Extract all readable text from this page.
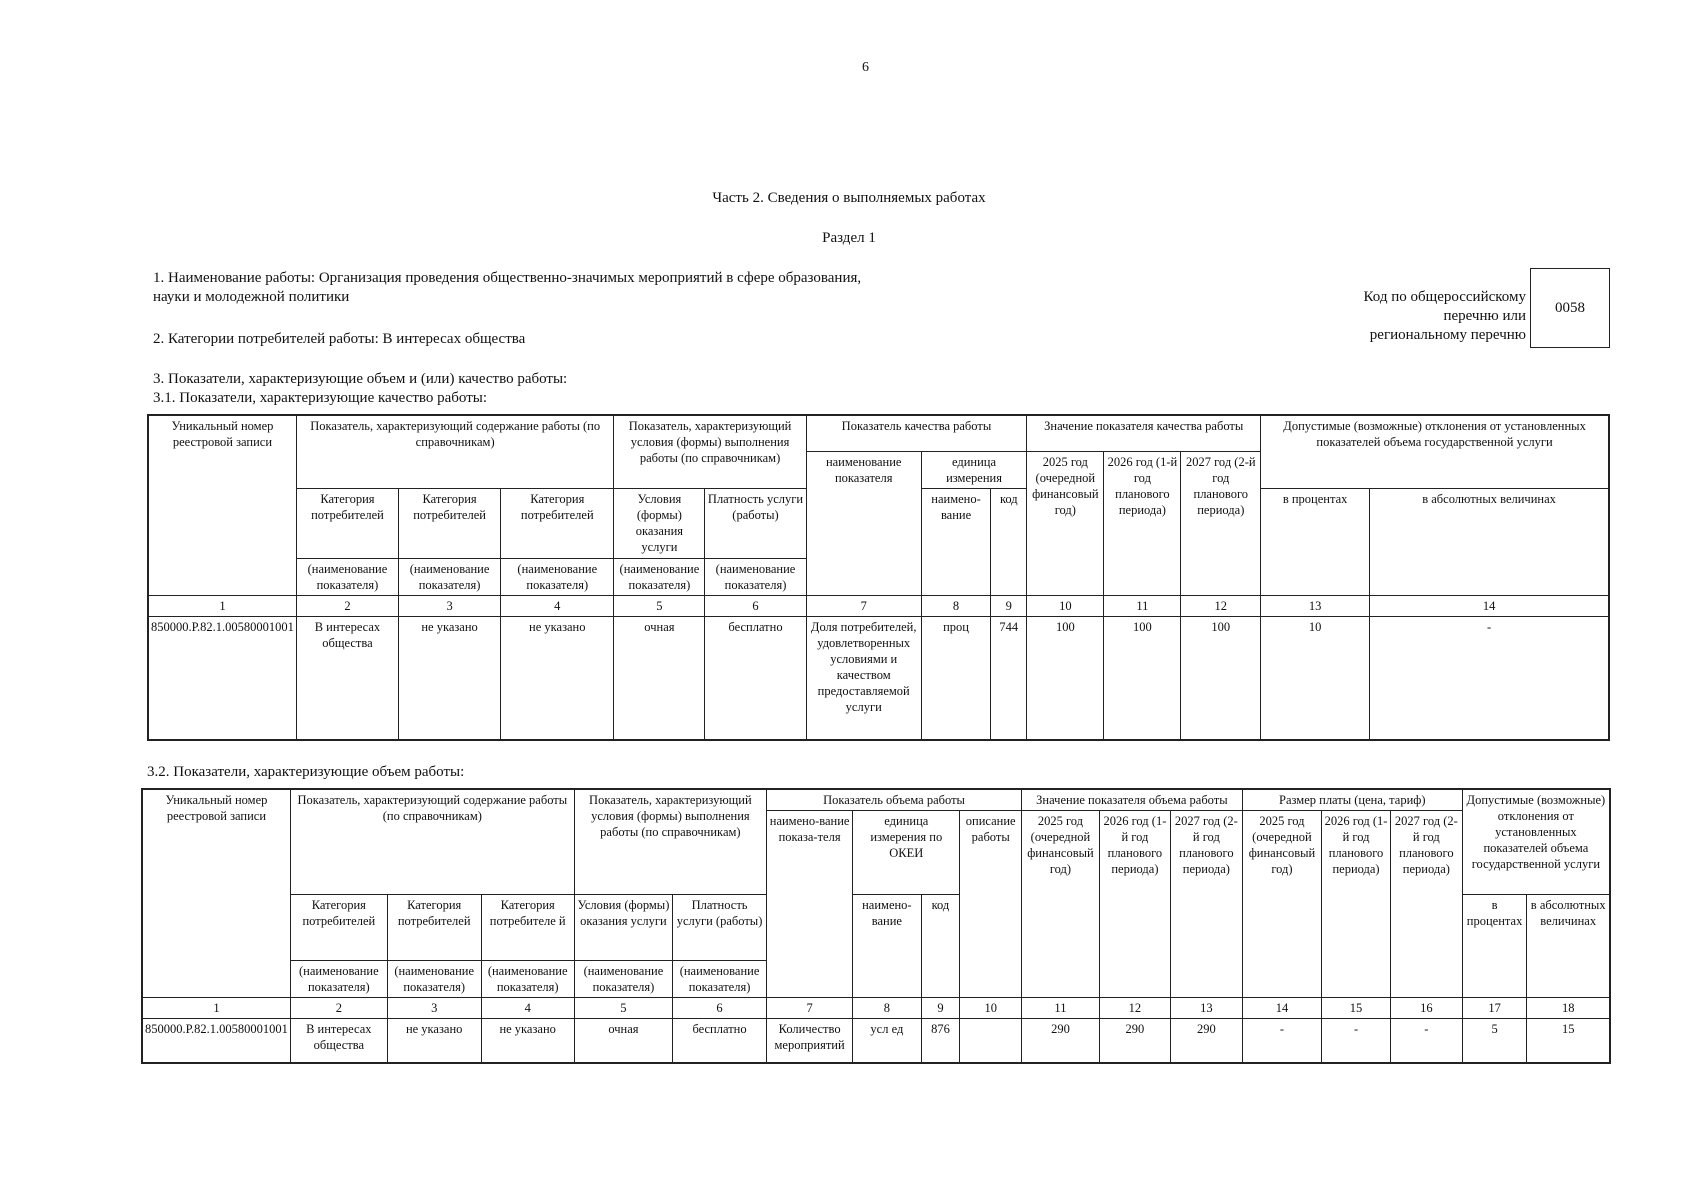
6
Часть 2. Сведения о выполняемых работах
Раздел 1
1. Наименование работы: Организация проведения общественно-значимых мероприятий в сфере образования,
науки и молодежной политики
2. Категории потребителей работы: В интересах общества
3. Показатели, характеризующие объем и (или) качество работы:
3.1. Показатели, характеризующие качество работы:
Код по общероссийскому
перечню или
региональному перечню
0058
Уникальный номер реестровой записи	Показатель, характеризующий содержание работы (по справочникам)			Показатель, характеризующий условия (формы) выполнения работы (по справочникам)		Показатель качества работы			Значение показателя качества работы			Допустимые (возможные) отклонения от установленных показателей объема государственной услуги	
						наименование показателя	единица измерения		2025 год (очередной финансовый год)	2026 год (1-й год планового периода)	2027 год (2-й год планового периода)		
	Категория потребителей	Категория потребителей	Категория потребителей	Условия (формы) оказания услуги	Платность услуги (работы)		наимено-вание	код				в процентах	в абсолютных величинах
	(наименование показателя)	(наименование показателя)	(наименование показателя)	(наименование показателя)	(наименование показателя)								
1	2	3	4	5	6	7	8	9	10	11	12	13	14
850000.Р.82.1.00580001001	В интересах общества	не указано	не указано	очная	бесплатно	Доля потребителей, удовлетворенных условиями и качеством предоставляемой услуги	проц	744	100	100	100	10	-
3.2. Показатели, характеризующие объем работы:
Уникальный номер реестровой записи	Показатель, характеризующий содержание работы (по справочникам)			Показатель, характеризующий условия (формы) выполнения работы (по справочникам)		Показатель объема работы				Значение показателя объема работы			Размер платы (цена, тариф)			Допустимые (возможные) отклонения от установленных показателей объема государственной услуги	
						наимено-вание показа-теля	единица измерения по ОКЕИ		описание работы	2025 год (очередной финансовый год)	2026 год (1-й год планового периода)	2027 год (2-й год планового периода)	2025 год (очередной финансовый год)	2026 год (1-й год планового периода)	2027 год (2-й год планового периода)		
	Категория потребителей	Категория потребителей	Категория потребителе й	Условия (формы) оказания услуги	Платность услуги (работы)		наимено-вание	код								в процентах	в абсолютных величинах
	(наименование показателя)	(наименование показателя)	(наименование показателя)	(наименование показателя)	(наименование показателя)												
1	2	3	4	5	6	7	8	9	10	11	12	13	14	15	16	17	18
850000.Р.82.1.00580001001	В интересах общества	не указано	не указано	очная	бесплатно	Количество мероприятий	усл ед	876		290	290	290	-	-	-	5	15
